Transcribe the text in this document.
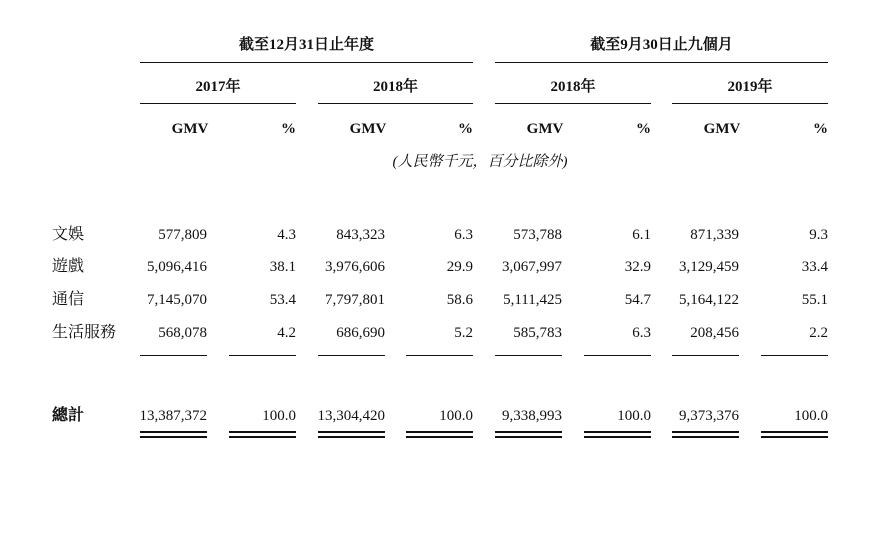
截至12月31日止年度	截至9月30日止九個月
2017年	2018年	2018年	2019年
GMV	%	GMV	%	GMV	%	GMV	%
(人民幣千元，百分比除外)
文娛	577,809	4.3	843,323	6.3	573,788	6.1	871,339	9.3
遊戲	5,096,416	38.1	3,976,606	29.9	3,067,997	32.9	3,129,459	33.4
通信	7,145,070	53.4	7,797,801	58.6	5,111,425	54.7	5,164,122	55.1
生活服務	568,078	4.2	686,690	5.2	585,783	6.3	208,456	2.2
總計	13,387,372	100.0	13,304,420	100.0	9,338,993	100.0	9,373,376	100.0
